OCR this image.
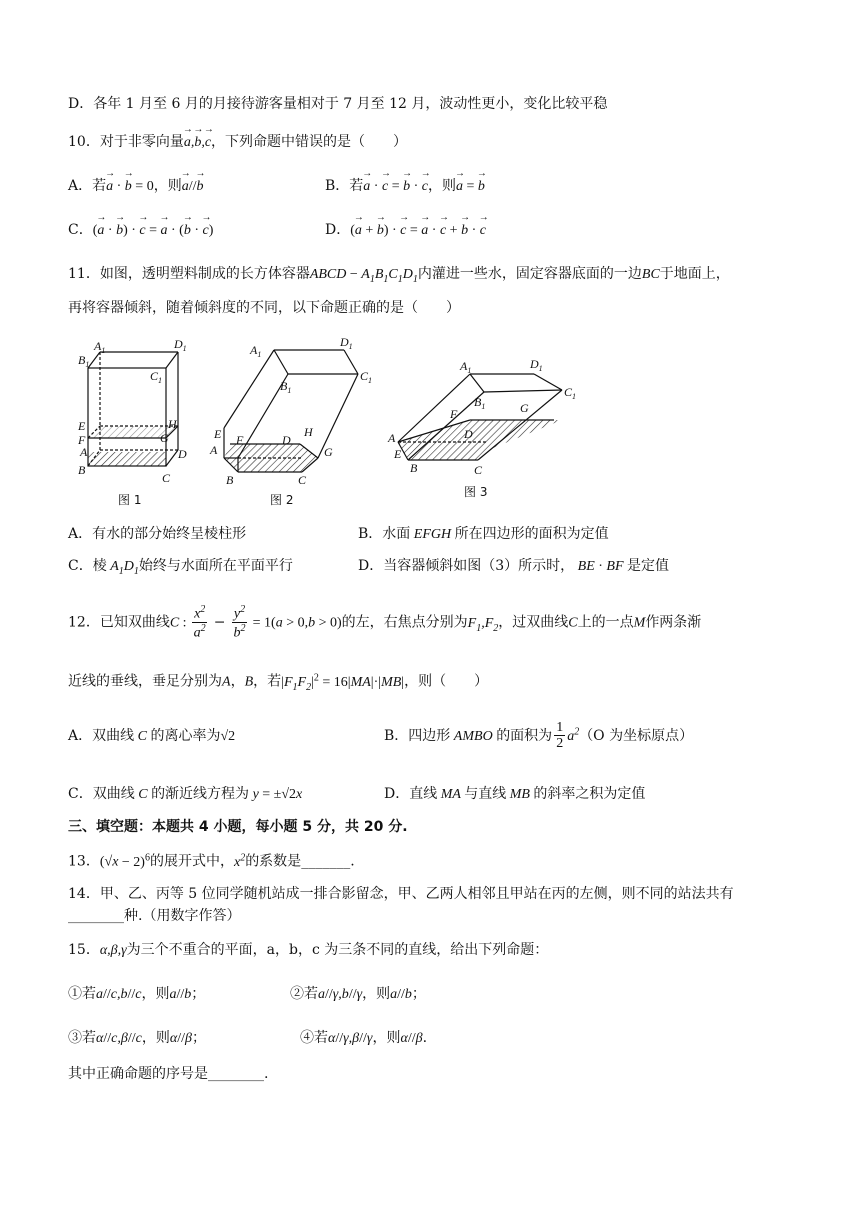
D．各年 1 月至 6 月的月接待游客量相对于 7 月至 12 月，波动性更小，变化比较平稳
10．对于非零向量→ a,→ b,→ c，下列命题中错误的是（　　）
A．若→ a · → b = 0，则→ a//→ b	B．若→ a · → c = → b · → c，则→ a = → b
C．(→ a · → b) · → c = → a · (→ b · → c)	D．(→ a + → b) · → c = → a · → c + → b · → c
11．如图，透明塑料制成的长方体容器ABCD − $A_1B_1C_1D_1$内灌进一些水，固定容器底面的一边BC于地面上，
再将容器倾斜，随着倾斜度的不同，以下命题正确的是（　　）
$B_1$
$A_1$	$D_1$
$C_1$
E
F	G
H
B
C
D
A
图 1
$A_1$
$D_1$
$C_1$
$B_1$
E F	D
H
A	G
B	C
图 2
$A_1$	$D_1$
$C_1$
$B_1$
F	G
A	D
E
B	C
图 3
A．有水的部分始终呈棱柱形	B．水面 EFGH 所在四边形的面积为定值
C．棱 $A_1D_1$始终与水面所在平面平行	D．当容器倾斜如图（3）所示时， BE · BF 是定值
12．已知双曲线C : $\frac{x^2}{a^2} - \frac{y^2}{b^2} = 1(a > 0,b > 0)$的左，右焦点分别为$F_1,F_2$，过双曲线C上的一点M作两条渐
近线的垂线，垂足分别为A，B，若$|F_1F_2|^2 = 16|MA|\cdot|MB|$，则（　　）
A．双曲线 C 的离心率为√2	B．四边形 AMBO 的面积为 $\frac{1}{2} a^2(O$ 为坐标原点）
C．双曲线 C 的渐近线方程为 y = ±√2x	D．直线 MA 与直线 MB 的斜率之积为定值
三、填空题：本题共 4 小题，每小题 5 分，共 20 分.
13．$(√x - 2)^6$的展开式中，$x^2$的系数是_______.
14．甲、乙、丙等 5 位同学随机站成一排合影留念，甲、乙两人相邻且甲站在丙的左侧，则不同的站法共有
________种.（用数字作答）
15．α,β,γ为三个不重合的平面，a，b，c 为三条不同的直线，给出下列命题：
①若a//c,b//c，则a//b；	②若a//γ,b//γ，则a//b；
③若α//c,β//c，则α//β；	④若α//γ,β//γ，则α//β.
其中正确命题的序号是________.
